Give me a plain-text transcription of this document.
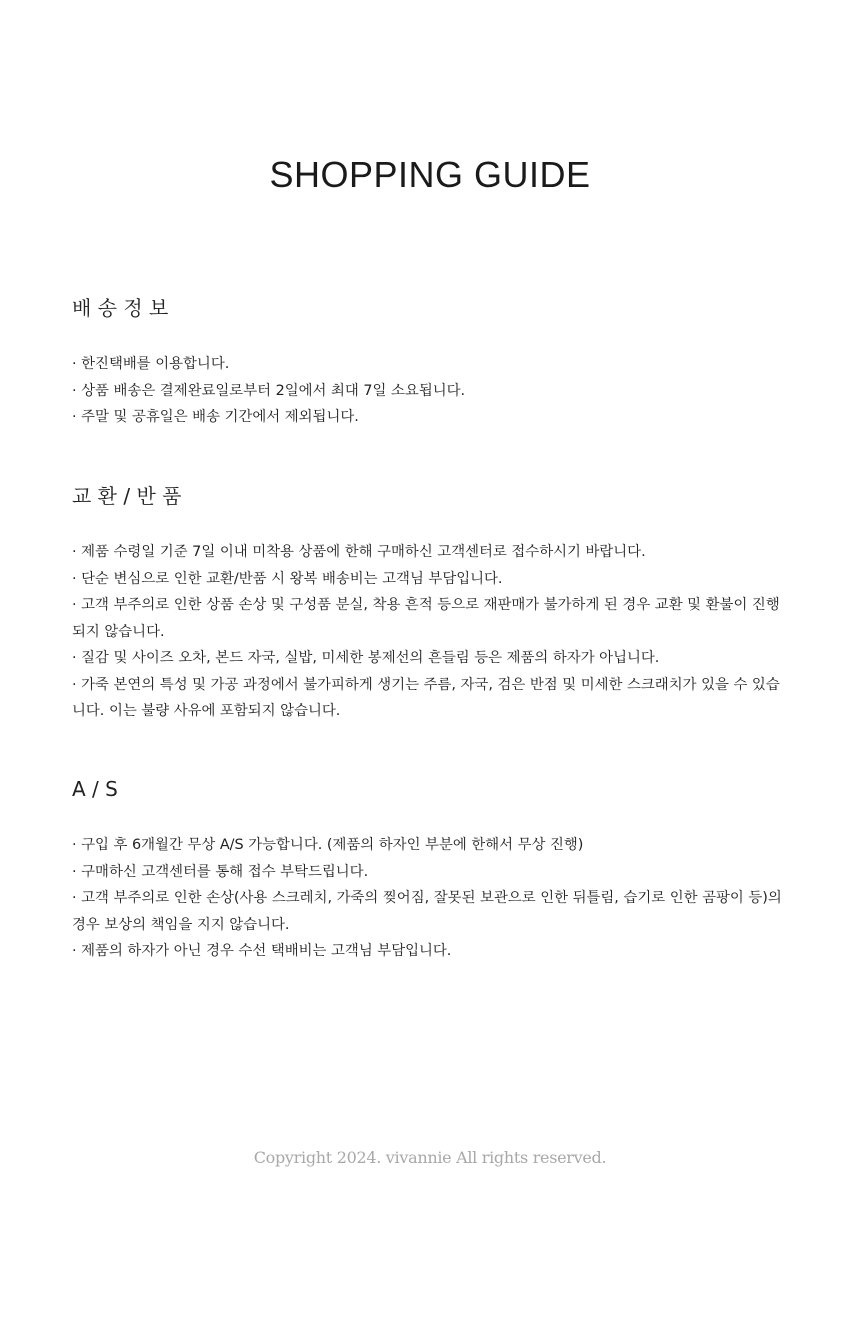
SHOPPING GUIDE
배 송 정 보
· 한진택배를 이용합니다.
· 상품 배송은 결제완료일로부터 2일에서 최대 7일 소요됩니다.
· 주말 및 공휴일은 배송 기간에서 제외됩니다.
교 환 / 반 품
· 제품 수령일 기준 7일 이내 미착용 상품에 한해 구매하신 고객센터로 접수하시기 바랍니다.
· 단순 변심으로 인한 교환/반품 시 왕복 배송비는 고객님 부담입니다.
· 고객 부주의로 인한 상품 손상 및 구성품 분실, 착용 흔적 등으로 재판매가 불가하게 된 경우 교환 및 환불이 진행되지 않습니다.
· 질감 및 사이즈 오차, 본드 자국, 실밥, 미세한 봉제선의 흔들림 등은 제품의 하자가 아닙니다.
· 가죽 본연의 특성 및 가공 과정에서 불가피하게 생기는 주름, 자국, 검은 반점 및 미세한 스크래치가 있을 수 있습니다. 이는 불량 사유에 포함되지 않습니다.
A / S
· 구입 후 6개월간 무상 A/S 가능합니다. (제품의 하자인 부분에 한해서 무상 진행)
· 구매하신 고객센터를 통해 접수 부탁드립니다.
· 고객 부주의로 인한 손상(사용 스크레치, 가죽의 찢어짐, 잘못된 보관으로 인한 뒤틀림, 습기로 인한 곰팡이 등)의 경우 보상의 책임을 지지 않습니다.
· 제품의 하자가 아닌 경우 수선 택배비는 고객님 부담입니다.
Copyright 2024. vivannie All rights reserved.
